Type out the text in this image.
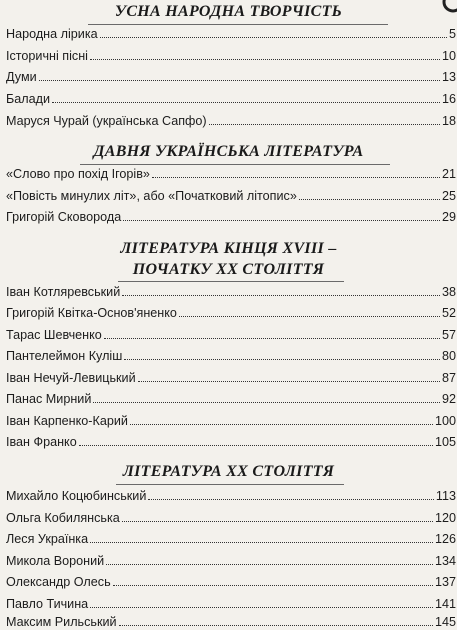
УСНА НАРОДНА ТВОРЧІСТЬ
Народна лірика	5
Історичні пісні	10
Думи	13
Балади	16
Маруся Чурай (українська Сапфо)	18
ДАВНЯ УКРАЇНСЬКА ЛІТЕРАТУРА
«Слово про похід Ігорів»	21
«Повість минулих літ», або «Початковий літопис»	25
Григорій Сковорода	29
ЛІТЕРАТУРА КІНЦЯ XVIII –
ПОЧАТКУ XX СТОЛІТТЯ
Іван Котляревський	38
Григорій Квітка-Основ'яненко	52
Тарас Шевченко	57
Пантелеймон Куліш	80
Іван Нечуй-Левицький	87
Панас Мирний	92
Іван Карпенко-Карий	100
Іван Франко	105
ЛІТЕРАТУРА XX СТОЛІТТЯ
Михайло Коцюбинський	113
Ольга Кобилянська	120
Леся Українка	126
Микола Вороний	134
Олександр Олесь	137
Павло Тичина	141
Максим Рильський	145
